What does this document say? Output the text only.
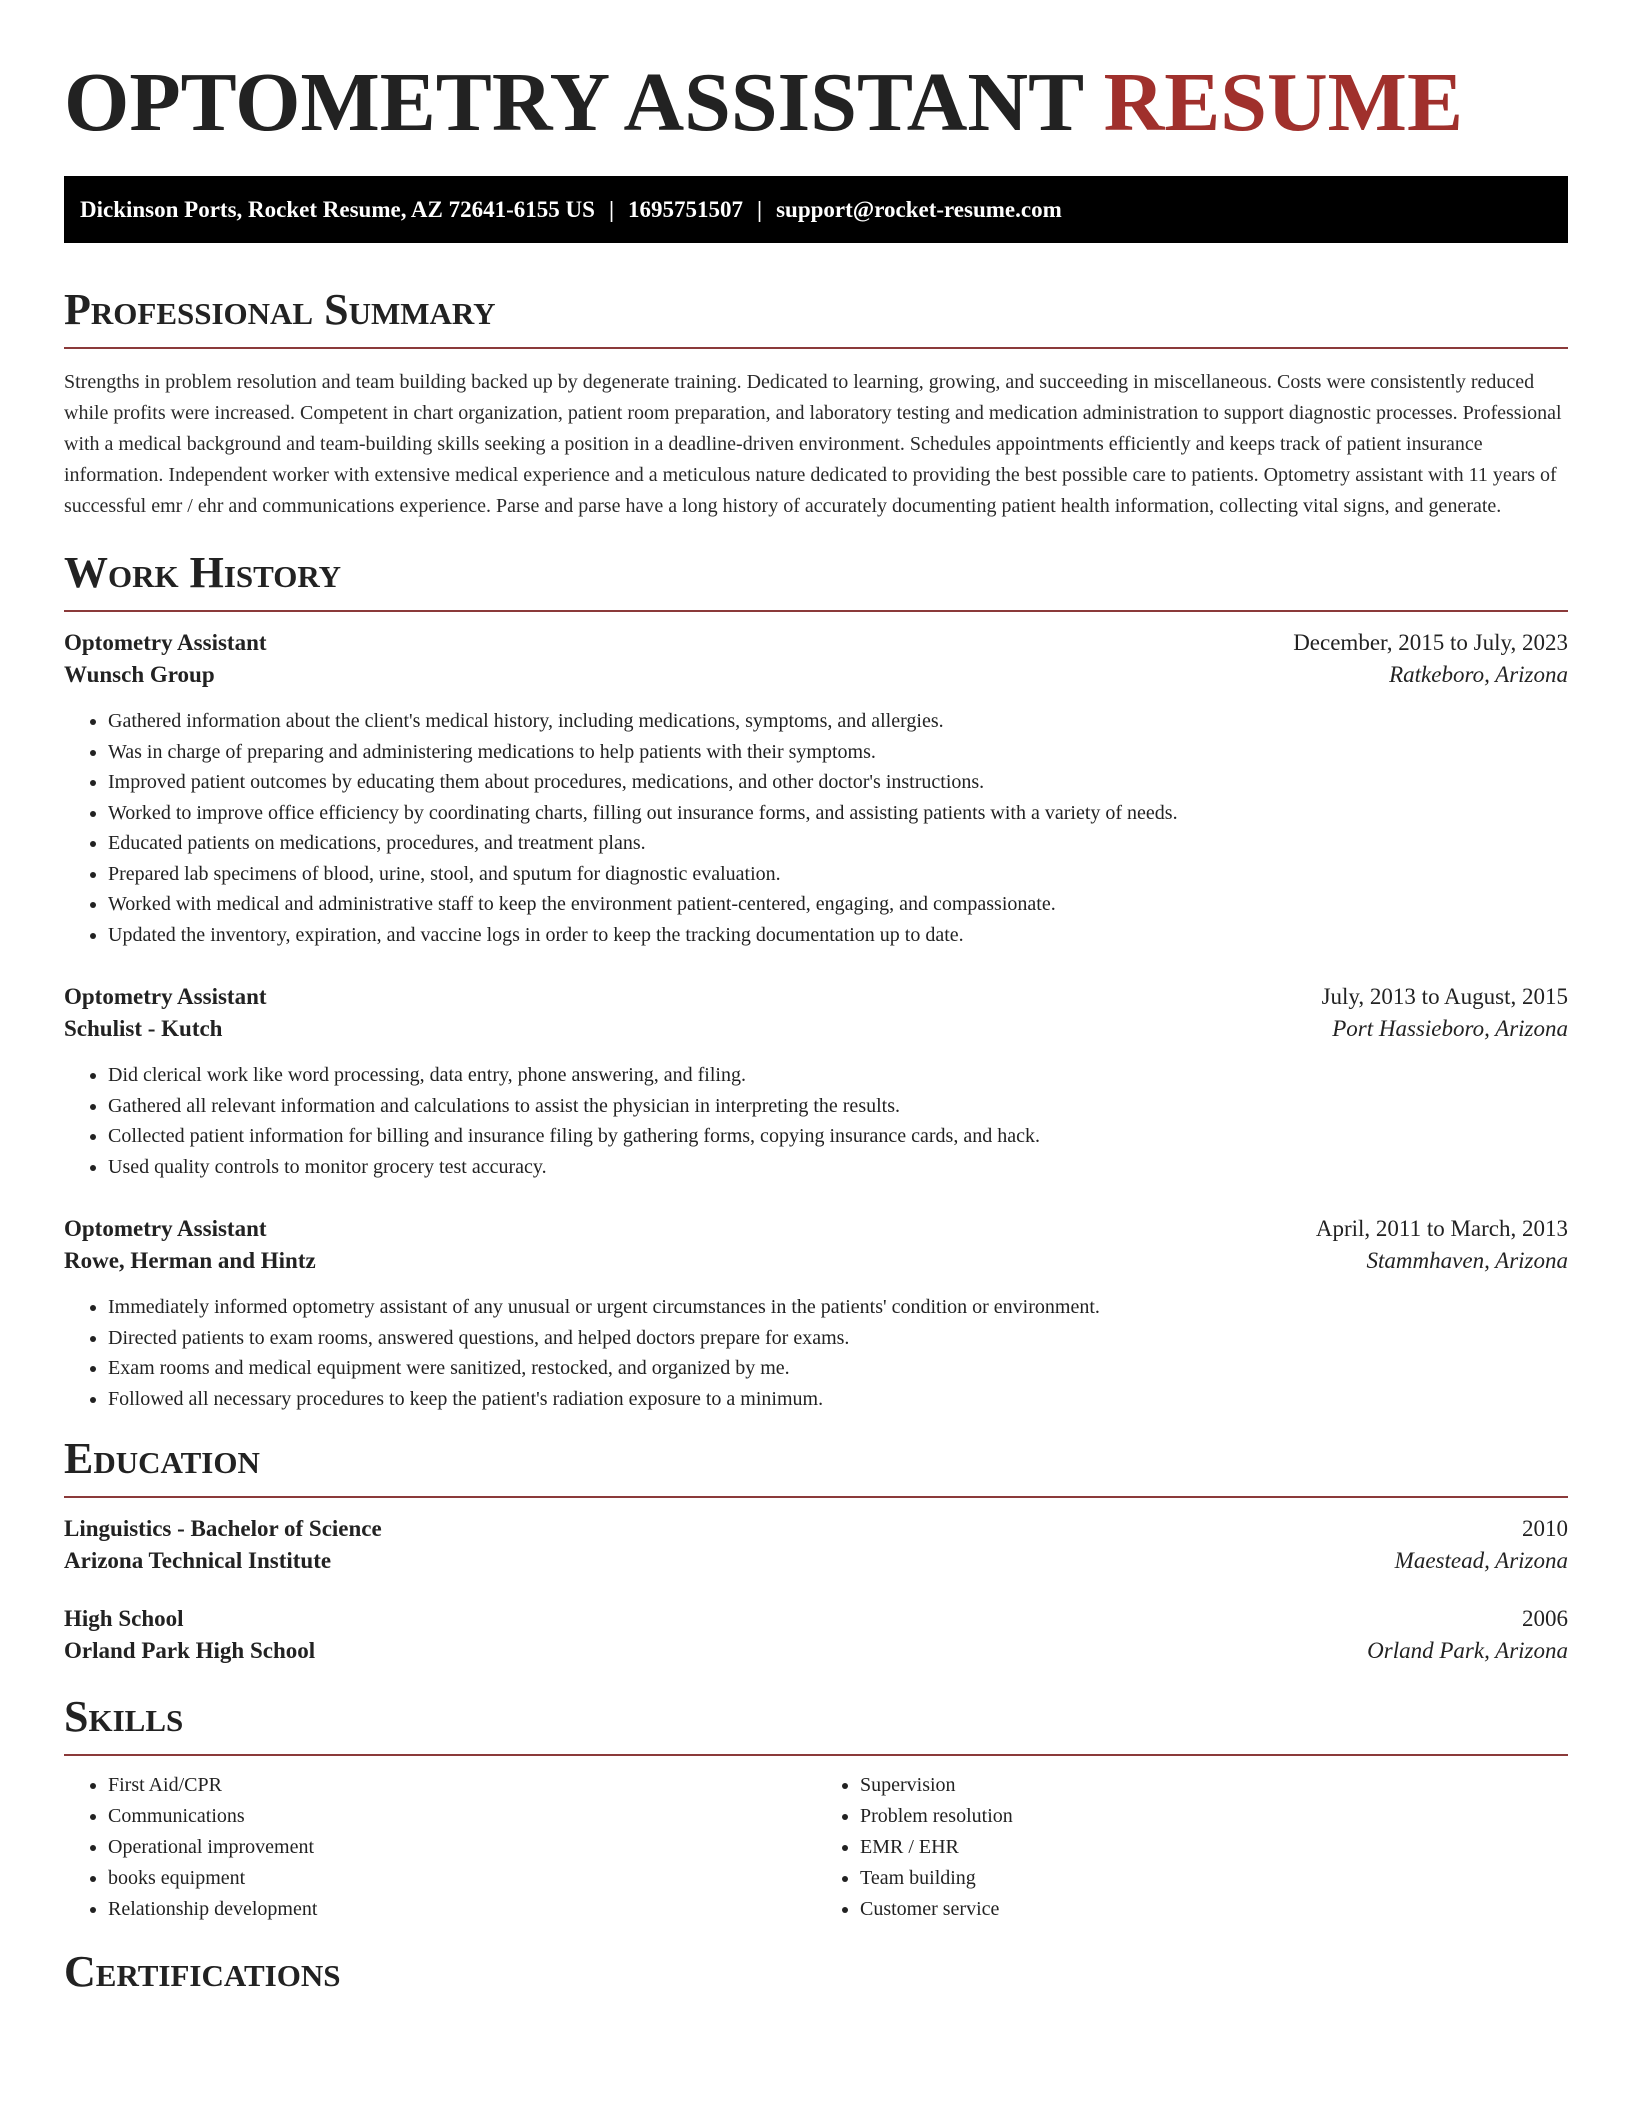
OPTOMETRY ASSISTANT RESUME
Dickinson Ports, Rocket Resume, AZ 72641-6155 US | 1695751507 | support@rocket-resume.com
Professional Summary

Strengths in problem resolution and team building backed up by degenerate training. Dedicated to learning, growing, and succeeding in miscellaneous. Costs were consistently reduced while profits were increased. Competent in chart organization, patient room preparation, and laboratory testing and medication administration to support diagnostic processes. Professional with a medical background and team-building skills seeking a position in a deadline-driven environment. Schedules appointments efficiently and keeps track of patient insurance information. Independent worker with extensive medical experience and a meticulous nature dedicated to providing the best possible care to patients. Optometry assistant with 11 years of successful emr / ehr and communications experience. Parse and parse have a long history of accurately documenting patient health information, collecting vital signs, and generate.

Work History
Optometry Assistant	December, 2015 to July, 2023
Wunsch Group	Ratkeboro, Arizona
• Gathered information about the client's medical history, including medications, symptoms, and allergies.
• Was in charge of preparing and administering medications to help patients with their symptoms.
• Improved patient outcomes by educating them about procedures, medications, and other doctor's instructions.
• Worked to improve office efficiency by coordinating charts, filling out insurance forms, and assisting patients with a variety of needs.
• Educated patients on medications, procedures, and treatment plans.
• Prepared lab specimens of blood, urine, stool, and sputum for diagnostic evaluation.
• Worked with medical and administrative staff to keep the environment patient-centered, engaging, and compassionate.
• Updated the inventory, expiration, and vaccine logs in order to keep the tracking documentation up to date.
Optometry Assistant	July, 2013 to August, 2015
Schulist - Kutch	Port Hassieboro, Arizona
• Did clerical work like word processing, data entry, phone answering, and filing.
• Gathered all relevant information and calculations to assist the physician in interpreting the results.
• Collected patient information for billing and insurance filing by gathering forms, copying insurance cards, and hack.
• Used quality controls to monitor grocery test accuracy.
Optometry Assistant	April, 2011 to March, 2013
Rowe, Herman and Hintz	Stammhaven, Arizona
• Immediately informed optometry assistant of any unusual or urgent circumstances in the patients' condition or environment.
• Directed patients to exam rooms, answered questions, and helped doctors prepare for exams.
• Exam rooms and medical equipment were sanitized, restocked, and organized by me.
• Followed all necessary procedures to keep the patient's radiation exposure to a minimum.
Education
Linguistics - Bachelor of Science	2010
Arizona Technical Institute	Maestead, Arizona
High School	2006
Orland Park High School	Orland Park, Arizona
Skills
• First Aid/CPR
• Communications
• Operational improvement
• books equipment
• Relationship development
• Supervision
• Problem resolution
• EMR / EHR
• Team building
• Customer service
Certifications
